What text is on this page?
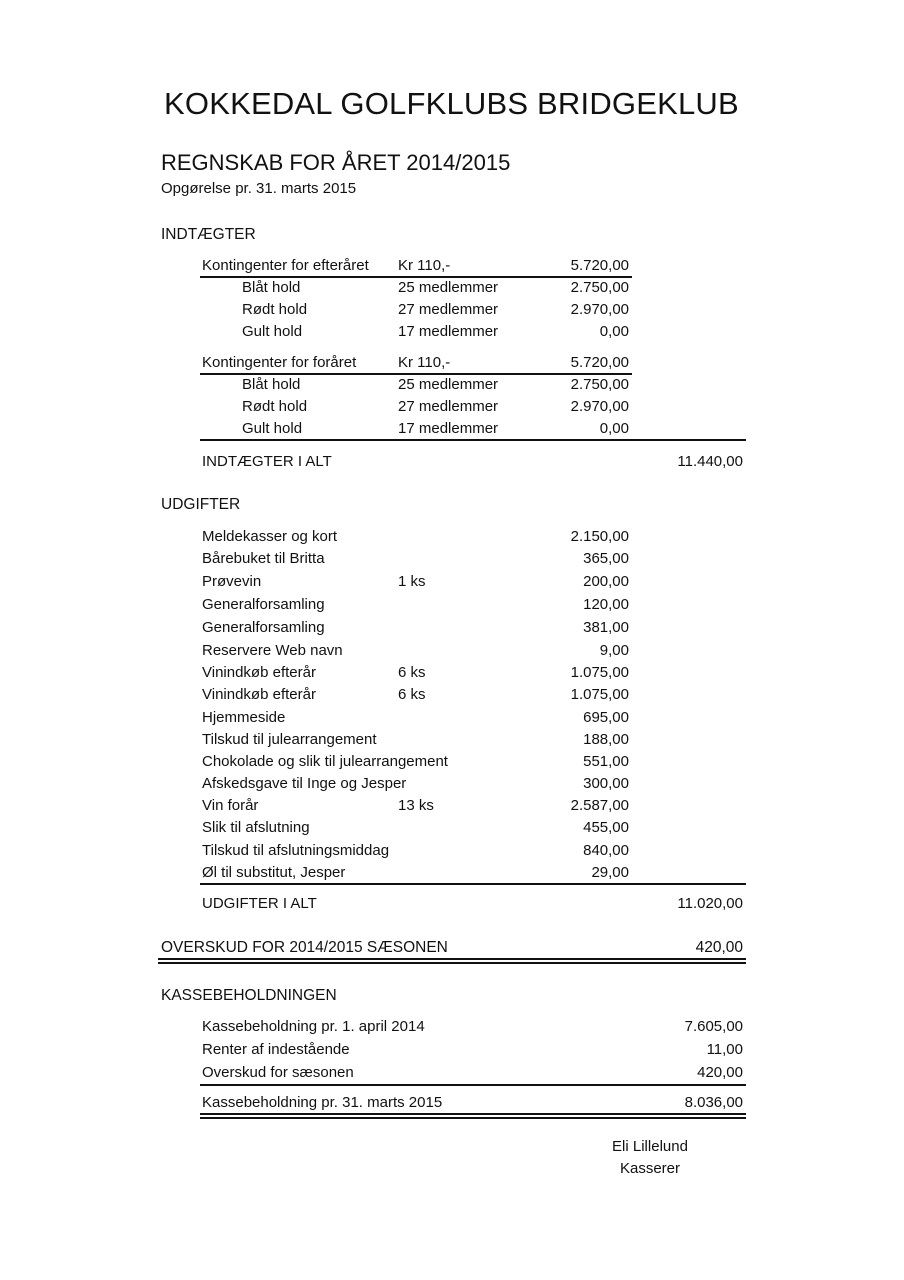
KOKKEDAL GOLFKLUBS BRIDGEKLUB
REGNSKAB FOR ÅRET 2014/2015
Opgørelse pr. 31. marts 2015
INDTÆGTER
Kontingenter for efteråret Kr 110,-	5.720,00
Blåt hold	25 medlemmer	2.750,00
Rødt hold	27 medlemmer	2.970,00
Gult hold	17 medlemmer	0,00
Kontingenter for foråret	Kr 110,-	5.720,00
Blåt hold	25 medlemmer	2.750,00
Rødt hold	27 medlemmer	2.970,00
Gult hold	17 medlemmer	0,00
INDTÆGTER I ALT	11.440,00
UDGIFTER
Meldekasser og kort	2.150,00
Bårebuket til Britta	365,00
Prøvevin	1 ks	200,00
Generalforsamling	120,00
Generalforsamling	381,00
Reservere Web navn	9,00
Vinindkøb efterår	6 ks	1.075,00
Vinindkøb efterår	6 ks	1.075,00
Hjemmeside	695,00
Tilskud til julearrangement	188,00
Chokolade og slik til julearrangement	551,00
Afskedsgave til Inge og Jesper	300,00
Vin forår	13 ks	2.587,00
Slik til afslutning	455,00
Tilskud til afslutningsmiddag	840,00
Øl til substitut, Jesper	29,00
UDGIFTER I ALT	11.020,00
OVERSKUD FOR 2014/2015 SÆSONEN	420,00
KASSEBEHOLDNINGEN
Kassebeholdning pr. 1. april 2014	7.605,00
Renter af indestående	11,00
Overskud for sæsonen	420,00
Kassebeholdning pr. 31. marts 2015	8.036,00
Eli Lillelund
Kasserer
